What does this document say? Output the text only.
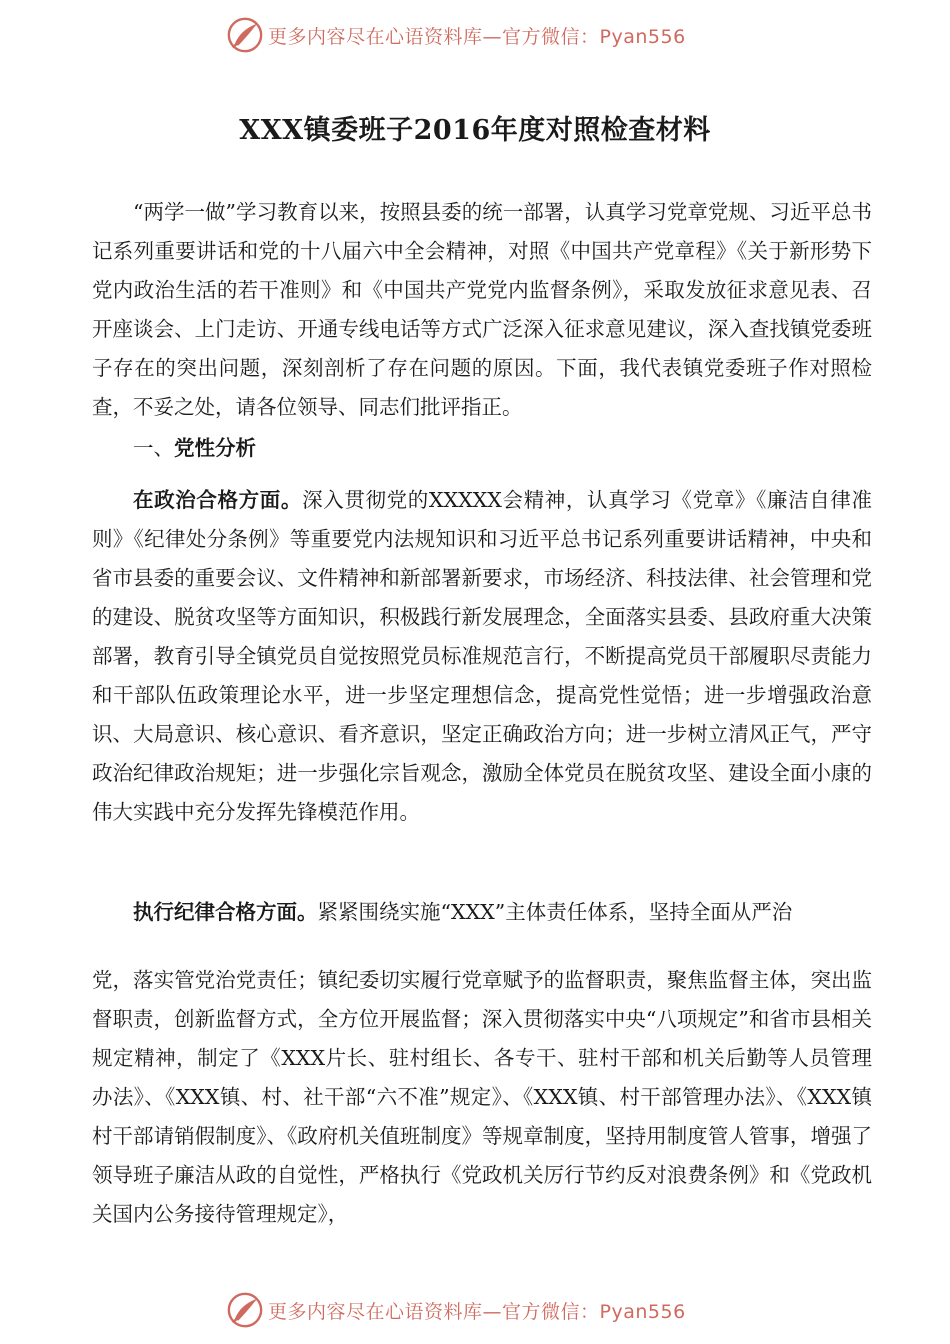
更多内容尽在心语资料库—官方微信：Pyan556
XXX镇委班子2016年度对照检查材料

“两学一做”学习教育以来，按照县委的统一部署，认真学习党章党规、习近平总书记系列重要讲话和党的十八届六中全会精神，对照《中国共产党章程》《关于新形势下党内政治生活的若干准则》和《中国共产党党内监督条例》，采取发放征求意见表、召开座谈会、上门走访、开通专线电话等方式广泛深入征求意见建议，深入查找镇党委班子存在的突出问题，深刻剖析了存在问题的原因。下面，我代表镇党委班子作对照检查，不妥之处，请各位领导、同志们批评指正。

一、党性分析

在政治合格方面。深入贯彻党的XXXXX会精神，认真学习《党章》《廉洁自律准则》《纪律处分条例》等重要党内法规知识和习近平总书记系列重要讲话精神，中央和省市县委的重要会议、文件精神和新部署新要求，市场经济、科技法律、社会管理和党的建设、脱贫攻坚等方面知识，积极践行新发展理念，全面落实县委、县政府重大决策部署，教育引导全镇党员自觉按照党员标准规范言行，不断提高党员干部履职尽责能力和干部队伍政策理论水平，进一步坚定理想信念，提高党性觉悟；进一步增强政治意识、大局意识、核心意识、看齐意识，坚定正确政治方向；进一步树立清风正气，严守政治纪律政治规矩；进一步强化宗旨观念，激励全体党员在脱贫攻坚、建设全面小康的伟大实践中充分发挥先锋模范作用。

执行纪律合格方面。紧紧围绕实施“XXX”主体责任体系，坚持全面从严治

党，落实管党治党责任；镇纪委切实履行党章赋予的监督职责，聚焦监督主体，突出监督职责，创新监督方式，全方位开展监督；深入贯彻落实中央“八项规定”和省市县相关规定精神，制定了《XXX片长、驻村组长、各专干、驻村干部和机关后勤等人员管理办法》、《XXX镇、村、社干部“六不准”规定》、《XXX镇、村干部管理办法》、《XXX镇村干部请销假制度》、《政府机关值班制度》等规章制度，坚持用制度管人管事，增强了领导班子廉洁从政的自觉性，严格执行《党政机关厉行节约反对浪费条例》和《党政机关国内公务接待管理规定》，

更多内容尽在心语资料库—官方微信：Pyan556
